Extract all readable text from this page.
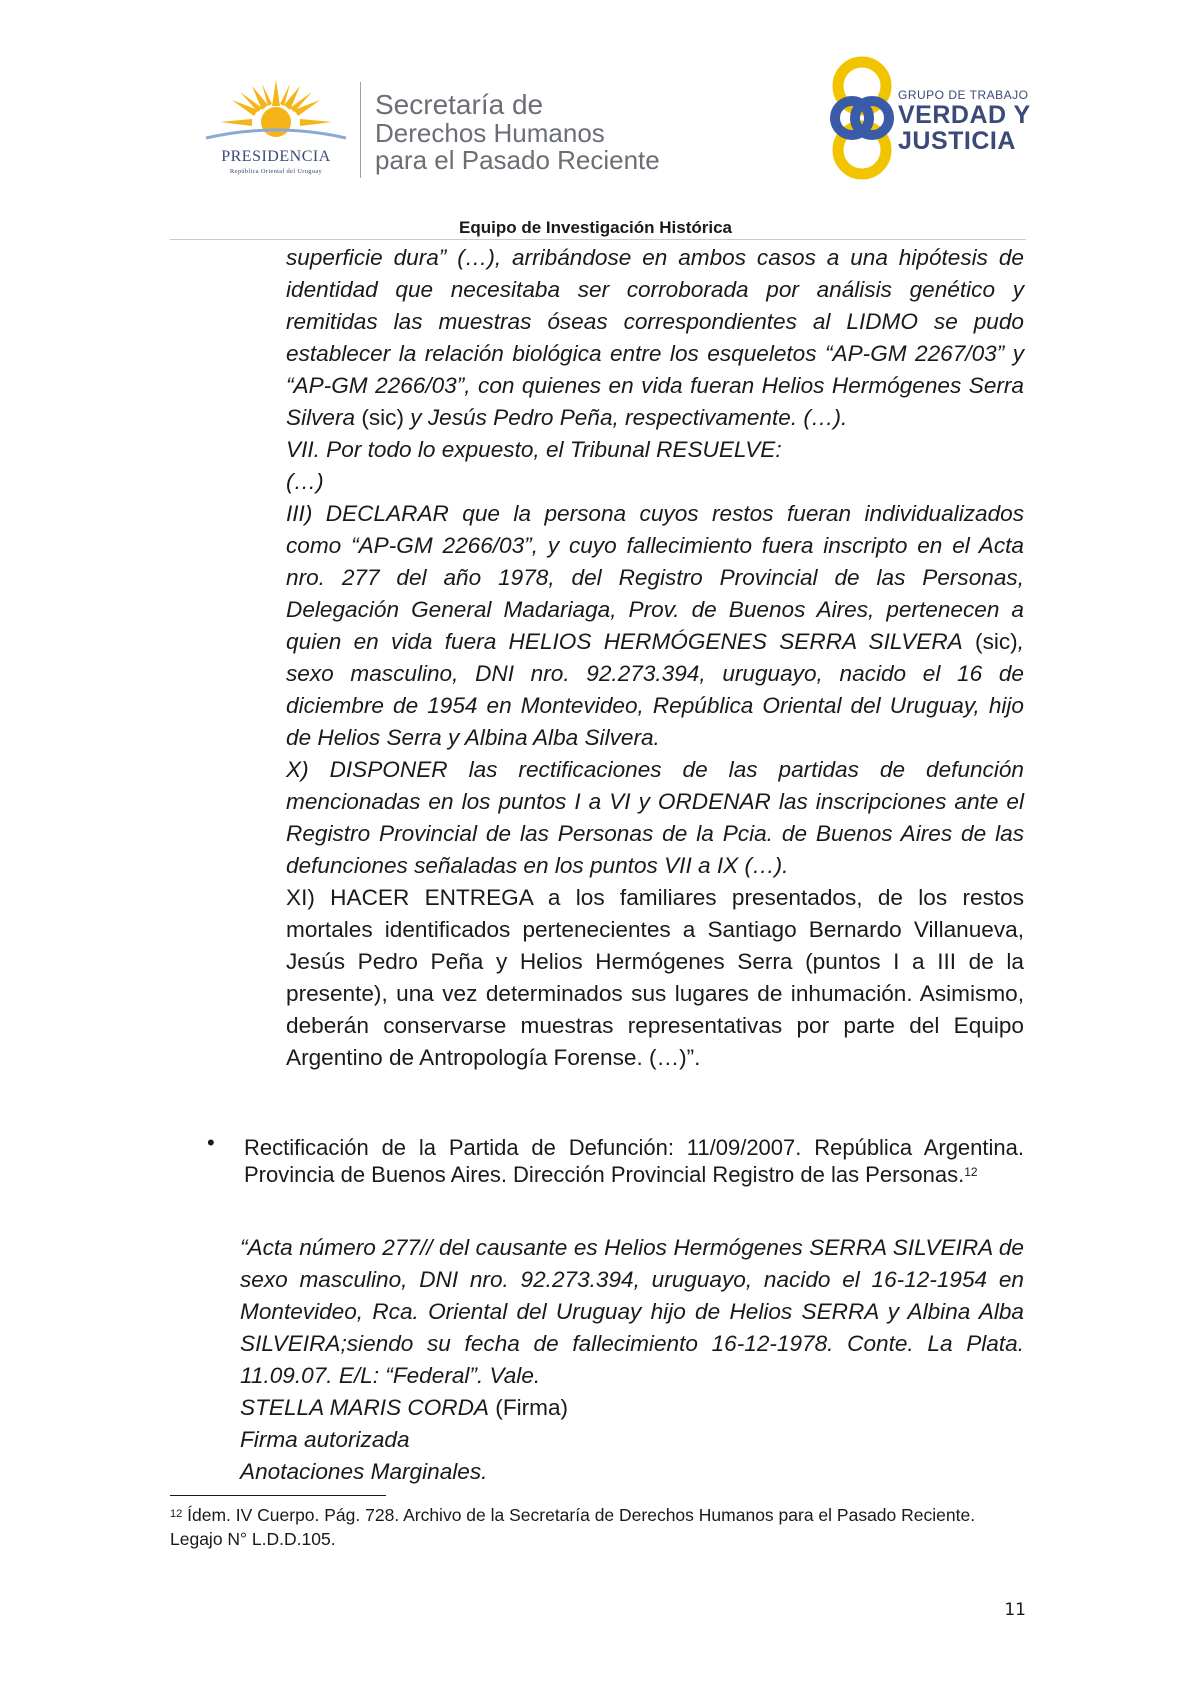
PRESIDENCIA
República Oriental del Uruguay
Secretaría de
Derechos Humanos
para el Pasado Reciente
GRUPO DE TRABAJO
VERDAD Y
JUSTICIA
Equipo de Investigación Histórica

superficie dura” (…), arribándose en ambos casos a una hipótesis de identidad que necesitaba ser corroborada por análisis genético y remitidas las muestras óseas correspondientes al LIDMO se pudo establecer la relación biológica entre los esqueletos “AP-GM 2267/03” y “AP-GM 2266/03”, con quienes en vida fueran Helios Hermógenes Serra Silvera (sic) y Jesús Pedro Peña, respectivamente. (…).

VII. Por todo lo expuesto, el Tribunal RESUELVE:

(…)

III) DECLARAR que la persona cuyos restos fueran individualizados como “AP-GM 2266/03”, y cuyo fallecimiento fuera inscripto en el Acta nro. 277 del año 1978, del Registro Provincial de las Personas, Delegación General Madariaga, Prov. de Buenos Aires, pertenecen a quien en vida fuera HELIOS HERMÓGENES SERRA SILVERA (sic), sexo masculino, DNI nro. 92.273.394, uruguayo, nacido el 16 de diciembre de 1954 en Montevideo, República Oriental del Uruguay, hijo de Helios Serra y Albina Alba Silvera.

X) DISPONER las rectificaciones de las partidas de defunción mencionadas en los puntos I a VI y ORDENAR las inscripciones ante el Registro Provincial de las Personas de la Pcia. de Buenos Aires de las defunciones señaladas en los puntos VII a IX (…).

XI) HACER ENTREGA a los familiares presentados, de los restos mortales identificados pertenecientes a Santiago Bernardo Villanueva, Jesús Pedro Peña y Helios Hermógenes Serra (puntos I a III de la presente), una vez determinados sus lugares de inhumación. Asimismo, deberán conservarse muestras representativas por parte del Equipo Argentino de Antropología Forense. (…)”.

• Rectificación de la Partida de Defunción: 11/09/2007. República Argentina. Provincia de Buenos Aires. Dirección Provincial Registro de las Personas.$^{12}$

“Acta número 277// del causante es Helios Hermógenes SERRA SILVEIRA de sexo masculino, DNI nro. 92.273.394, uruguayo, nacido el 16-12-1954 en Montevideo, Rca. Oriental del Uruguay hijo de Helios SERRA y Albina Alba SILVEIRA;siendo su fecha de fallecimiento 16-12-1978. Conte. La Plata. 11.09.07. E/L: “Federal”. Vale.

STELLA MARIS CORDA (Firma)

Firma autorizada

Anotaciones Marginales.

$^{12}$ Ídem. IV Cuerpo. Pág. 728. Archivo de la Secretaría de Derechos Humanos para el Pasado Reciente. Legajo N° L.D.D.105.
11
